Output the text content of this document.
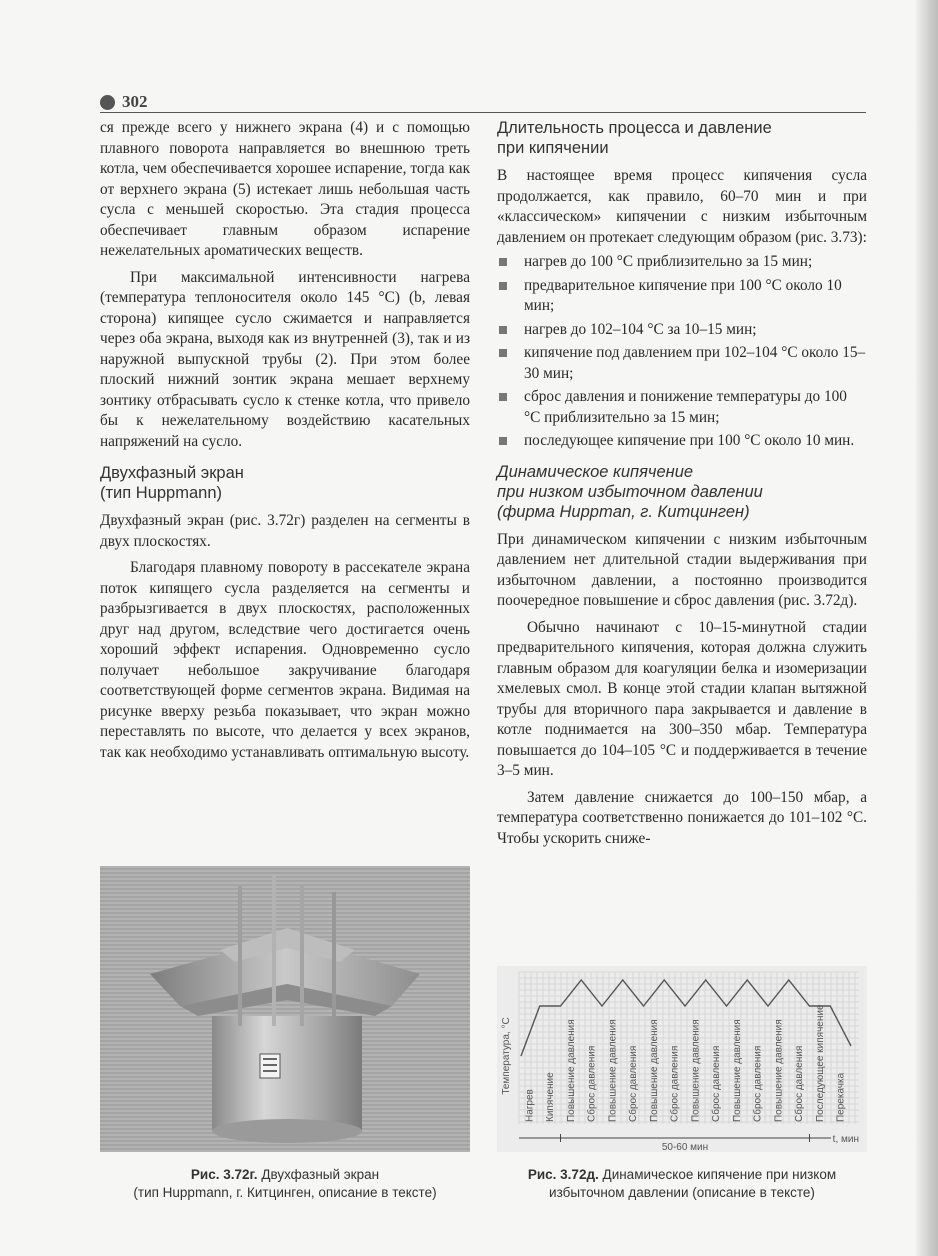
302

ся прежде всего у нижнего экрана (4) и с помощью плавного поворота направляется во внешнюю треть котла, чем обеспечивается хорошее испарение, тогда как от верхнего экрана (5) истекает лишь небольшая часть сусла с меньшей скоростью. Эта стадия процесса обеспечивает главным образом испарение нежелательных ароматических веществ.

При максимальной интенсивности нагрева (температура теплоносителя около 145 °С) (b, левая сторона) кипящее сусло сжимается и направляется через оба экрана, выходя как из внутренней (3), так и из наружной выпускной трубы (2). При этом более плоский нижний зонтик экрана мешает верхнему зонтику отбрасывать сусло к стенке котла, что привело бы к нежелательному воздействию касательных напряжений на сусло.

Двухфазный экран

(тип Huppmann)

Двухфазный экран (рис. 3.72г) разделен на сегменты в двух плоскостях.

Благодаря плавному повороту в рассекателе экрана поток кипящего сусла разделяется на сегменты и разбрызгивается в двух плоскостях, расположенных друг над другом, вследствие чего достигается очень хороший эффект испарения. Одновременно сусло получает небольшое закручивание благодаря соответствующей форме сегментов экрана. Видимая на рисунке вверху резьба показывает, что экран можно переставлять по высоте, что делается у всех экранов, так как необходимо устанавливать оптимальную высоту.

Длительность процесса и давление

при кипячении

В настоящее время процесс кипячения сусла продолжается, как правило, 60–70 мин и при «классическом» кипячении с низким избыточным давлением он протекает следующим образом (рис. 3.73):

нагрев до 100 °С приблизительно за 15 мин;
предварительное кипячение при 100 °С около 10 мин;
нагрев до 102–104 °С за 10–15 мин;
кипячение под давлением при 102–104 °С около 15–30 мин;
сброс давления и понижение температуры до 100 °С приблизительно за 15 мин;
последующее кипячение при 100 °С около 10 мин.

Динамическое кипячение

при низком избыточном давлении

(фирма Huppman, г. Китцинген)

При динамическом кипячении с низким избыточным давлением нет длительной стадии выдерживания при избыточном давлении, а постоянно производится поочередное повышение и сброс давления (рис. 3.72д).

Обычно начинают с 10–15-минутной стадии предварительного кипячения, которая должна служить главным образом для коагуляции белка и изомеризации хмелевых смол. В конце этой стадии клапан вытяжной трубы для вторичного пара закрывается и давление в котле поднимается на 300–350 мбар. Температура повышается до 104–105 °С и поддерживается в течение 3–5 мин.

Затем давление снижается до 100–150 мбар, а температура соответственно понижается до 101–102 °С. Чтобы ускорить сниже-

Температура, °С
Нагрев Кипячение Повышение давления Сброс давления Повышение давления Сброс давления Повышение давления Сброс давления Повышение давления Сброс давления Повышение давления Сброс давления Повышение давления Сброс давления Последующее кипячение Перекачка
50-60 мин
t, мин
Рис. 3.72г. Двухфазный экран
(тип Huppmann, г. Китцинген, описание в тексте)
Рис. 3.72д. Динамическое кипячение при низком
избыточном давлении (описание в тексте)
